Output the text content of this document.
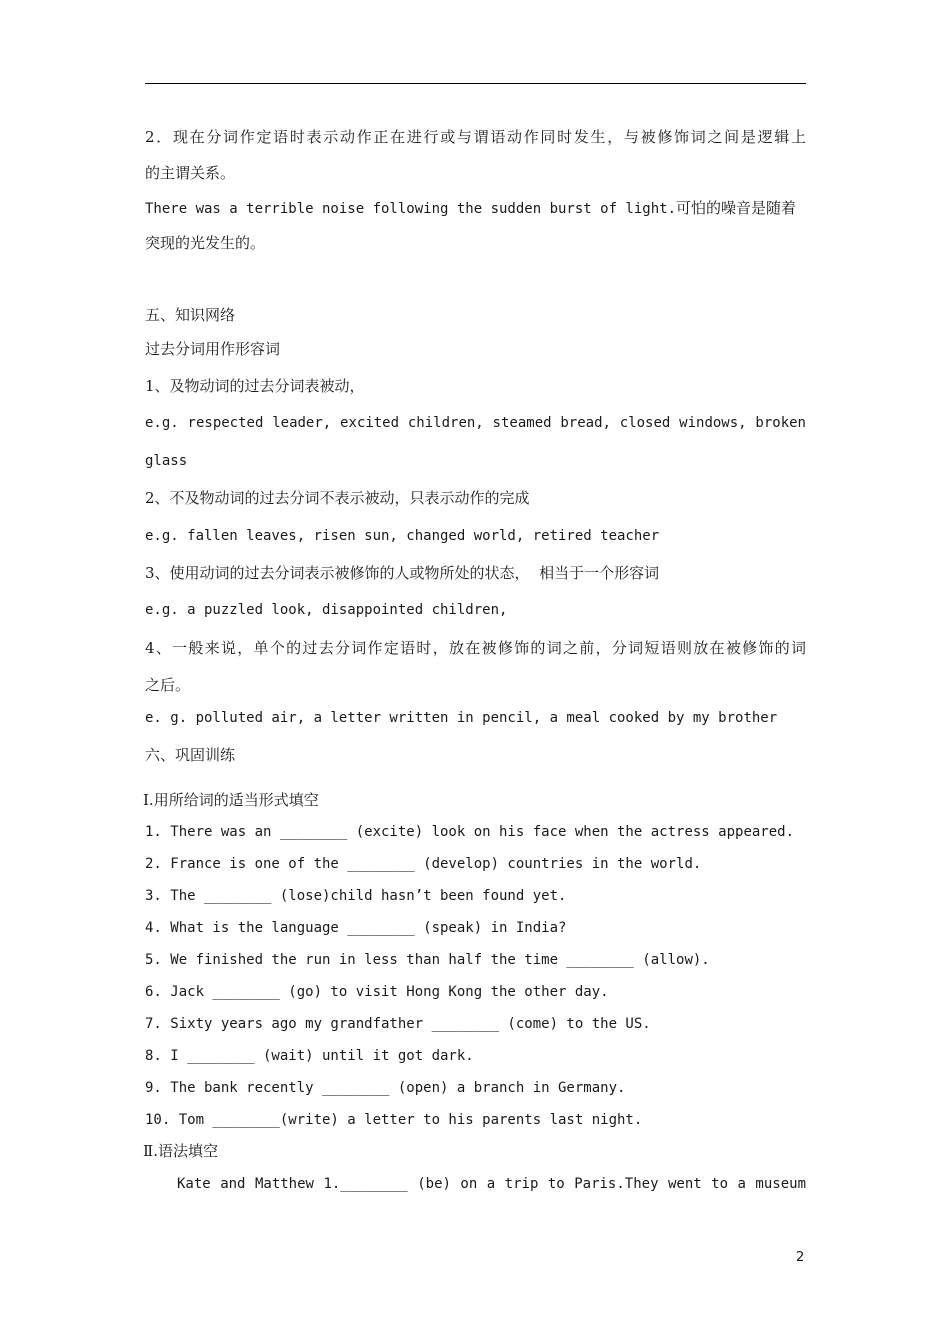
2．现在分词作定语时表示动作正在进行或与谓语动作同时发生，与被修饰词之间是逻辑上
的主谓关系。
There was a terrible noise following the sudden burst of light.可怕的噪音是随着
突现的光发生的。
五、知识网络
过去分词用作形容词
1、及物动词的过去分词表被动，
e.g. respected leader, excited children, steamed bread, closed windows, broken
glass
2、不及物动词的过去分词不表示被动，只表示动作的完成
e.g. fallen leaves, risen sun, changed world, retired teacher
3、使用动词的过去分词表示被修饰的人或物所处的状态，  相当于一个形容词
e.g. a puzzled look, disappointed children,
4、一般来说，单个的过去分词作定语时，放在被修饰的词之前，分词短语则放在被修饰的词
之后。
e. g. polluted air, a letter written in pencil, a meal cooked by my brother
六、巩固训练
Ⅰ.用所给词的适当形式填空
1. There was an ________ (excite) look on his face when the actress appeared.
2. France is one of the ________ (develop) countries in the world.
3. The ________ (lose)child hasn’t been found yet.
4. What is the language ________ (speak) in India?
5. We finished the run in less than half the time ________ (allow).
6. Jack ________ (go) to visit Hong Kong the other day.
7. Sixty years ago my grandfather ________ (come) to the US.
8. I ________ (wait) until it got dark.
9. The bank recently ________ (open) a branch in Germany.
10. Tom ________(write) a letter to his parents last night.
Ⅱ.语法填空
Kate and Matthew 1.________ (be) on a trip to Paris.They went to a museum
2
